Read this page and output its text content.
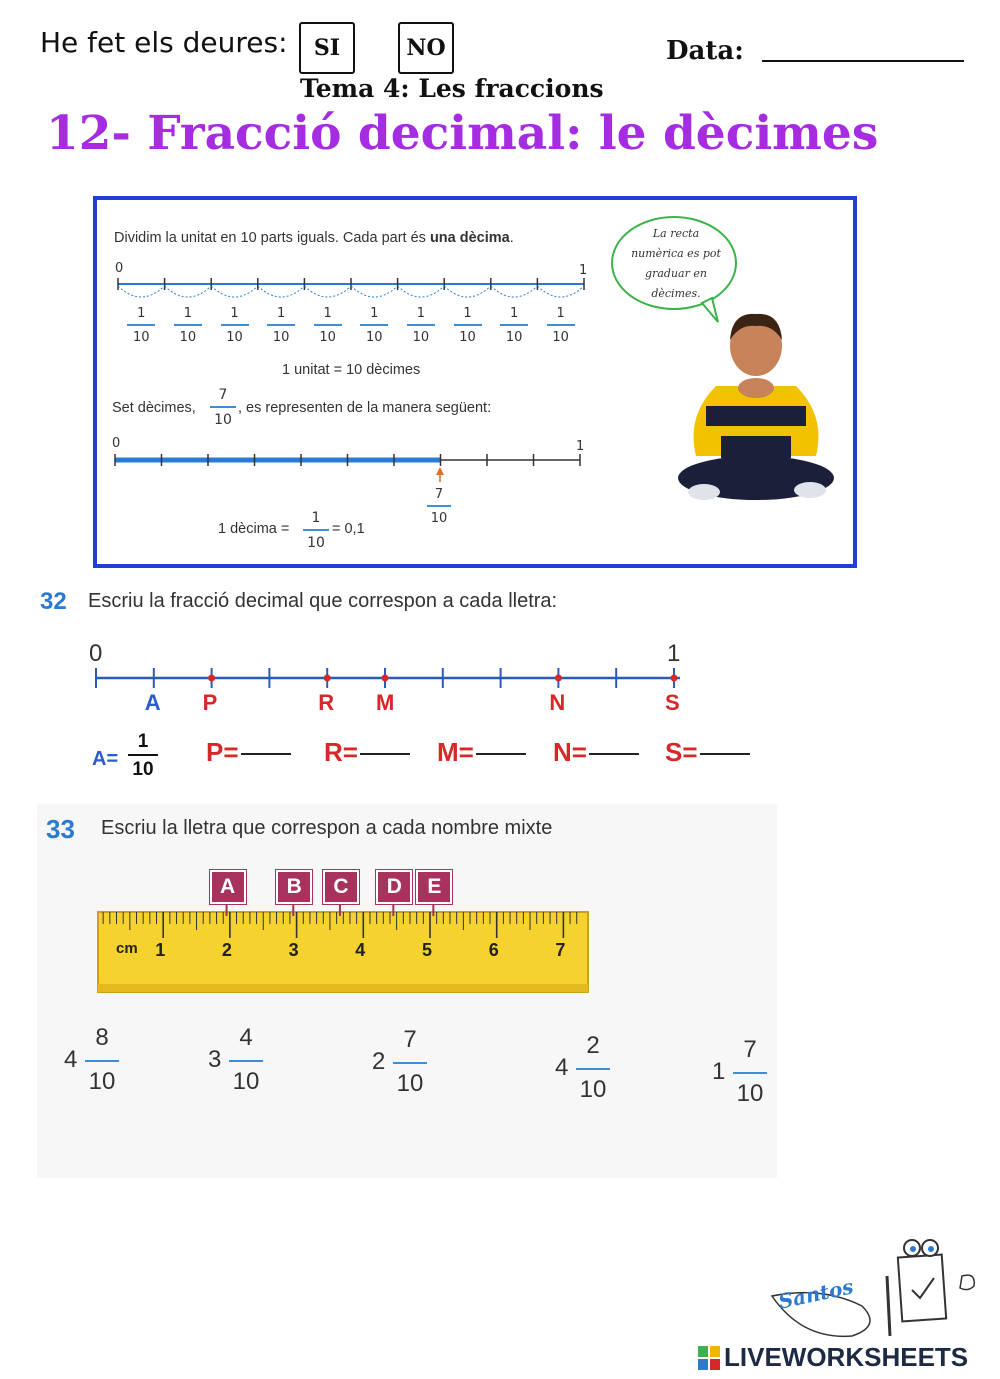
He fet els deures:	SI	NO	Data:
Tema 4: Les fraccions
12- Fracció decimal: le dècimes
Dividim la unitat en 10 parts iguals. Cada part és una dècima.
0	1
1
10
1
10
1
10
1
10
1
10
1
10
1
10
1
10
1
10
1
10
1 unitat = 10 dècimes
Set dècimes,
7
10
, es representen de la manera següent:
0	1
7
10
1 dècima =
1
10
= 0,1
La recta numèrica es pot graduar en dècimes.
32 Escriu la fracció decimal que correspon a cada lletra:
0	1
A P	R M	N	S
A=
1
10
P=	R=	M=	N=	S=
33 Escriu la lletra que correspon a cada nombre mixte
A	B	C	D	E
cm 1	2	3	4	5	6	7
4
8
10
3
4
10
2
7
10
4
2
10
1
7
10
Santos
LIVEWORKSHEETS
